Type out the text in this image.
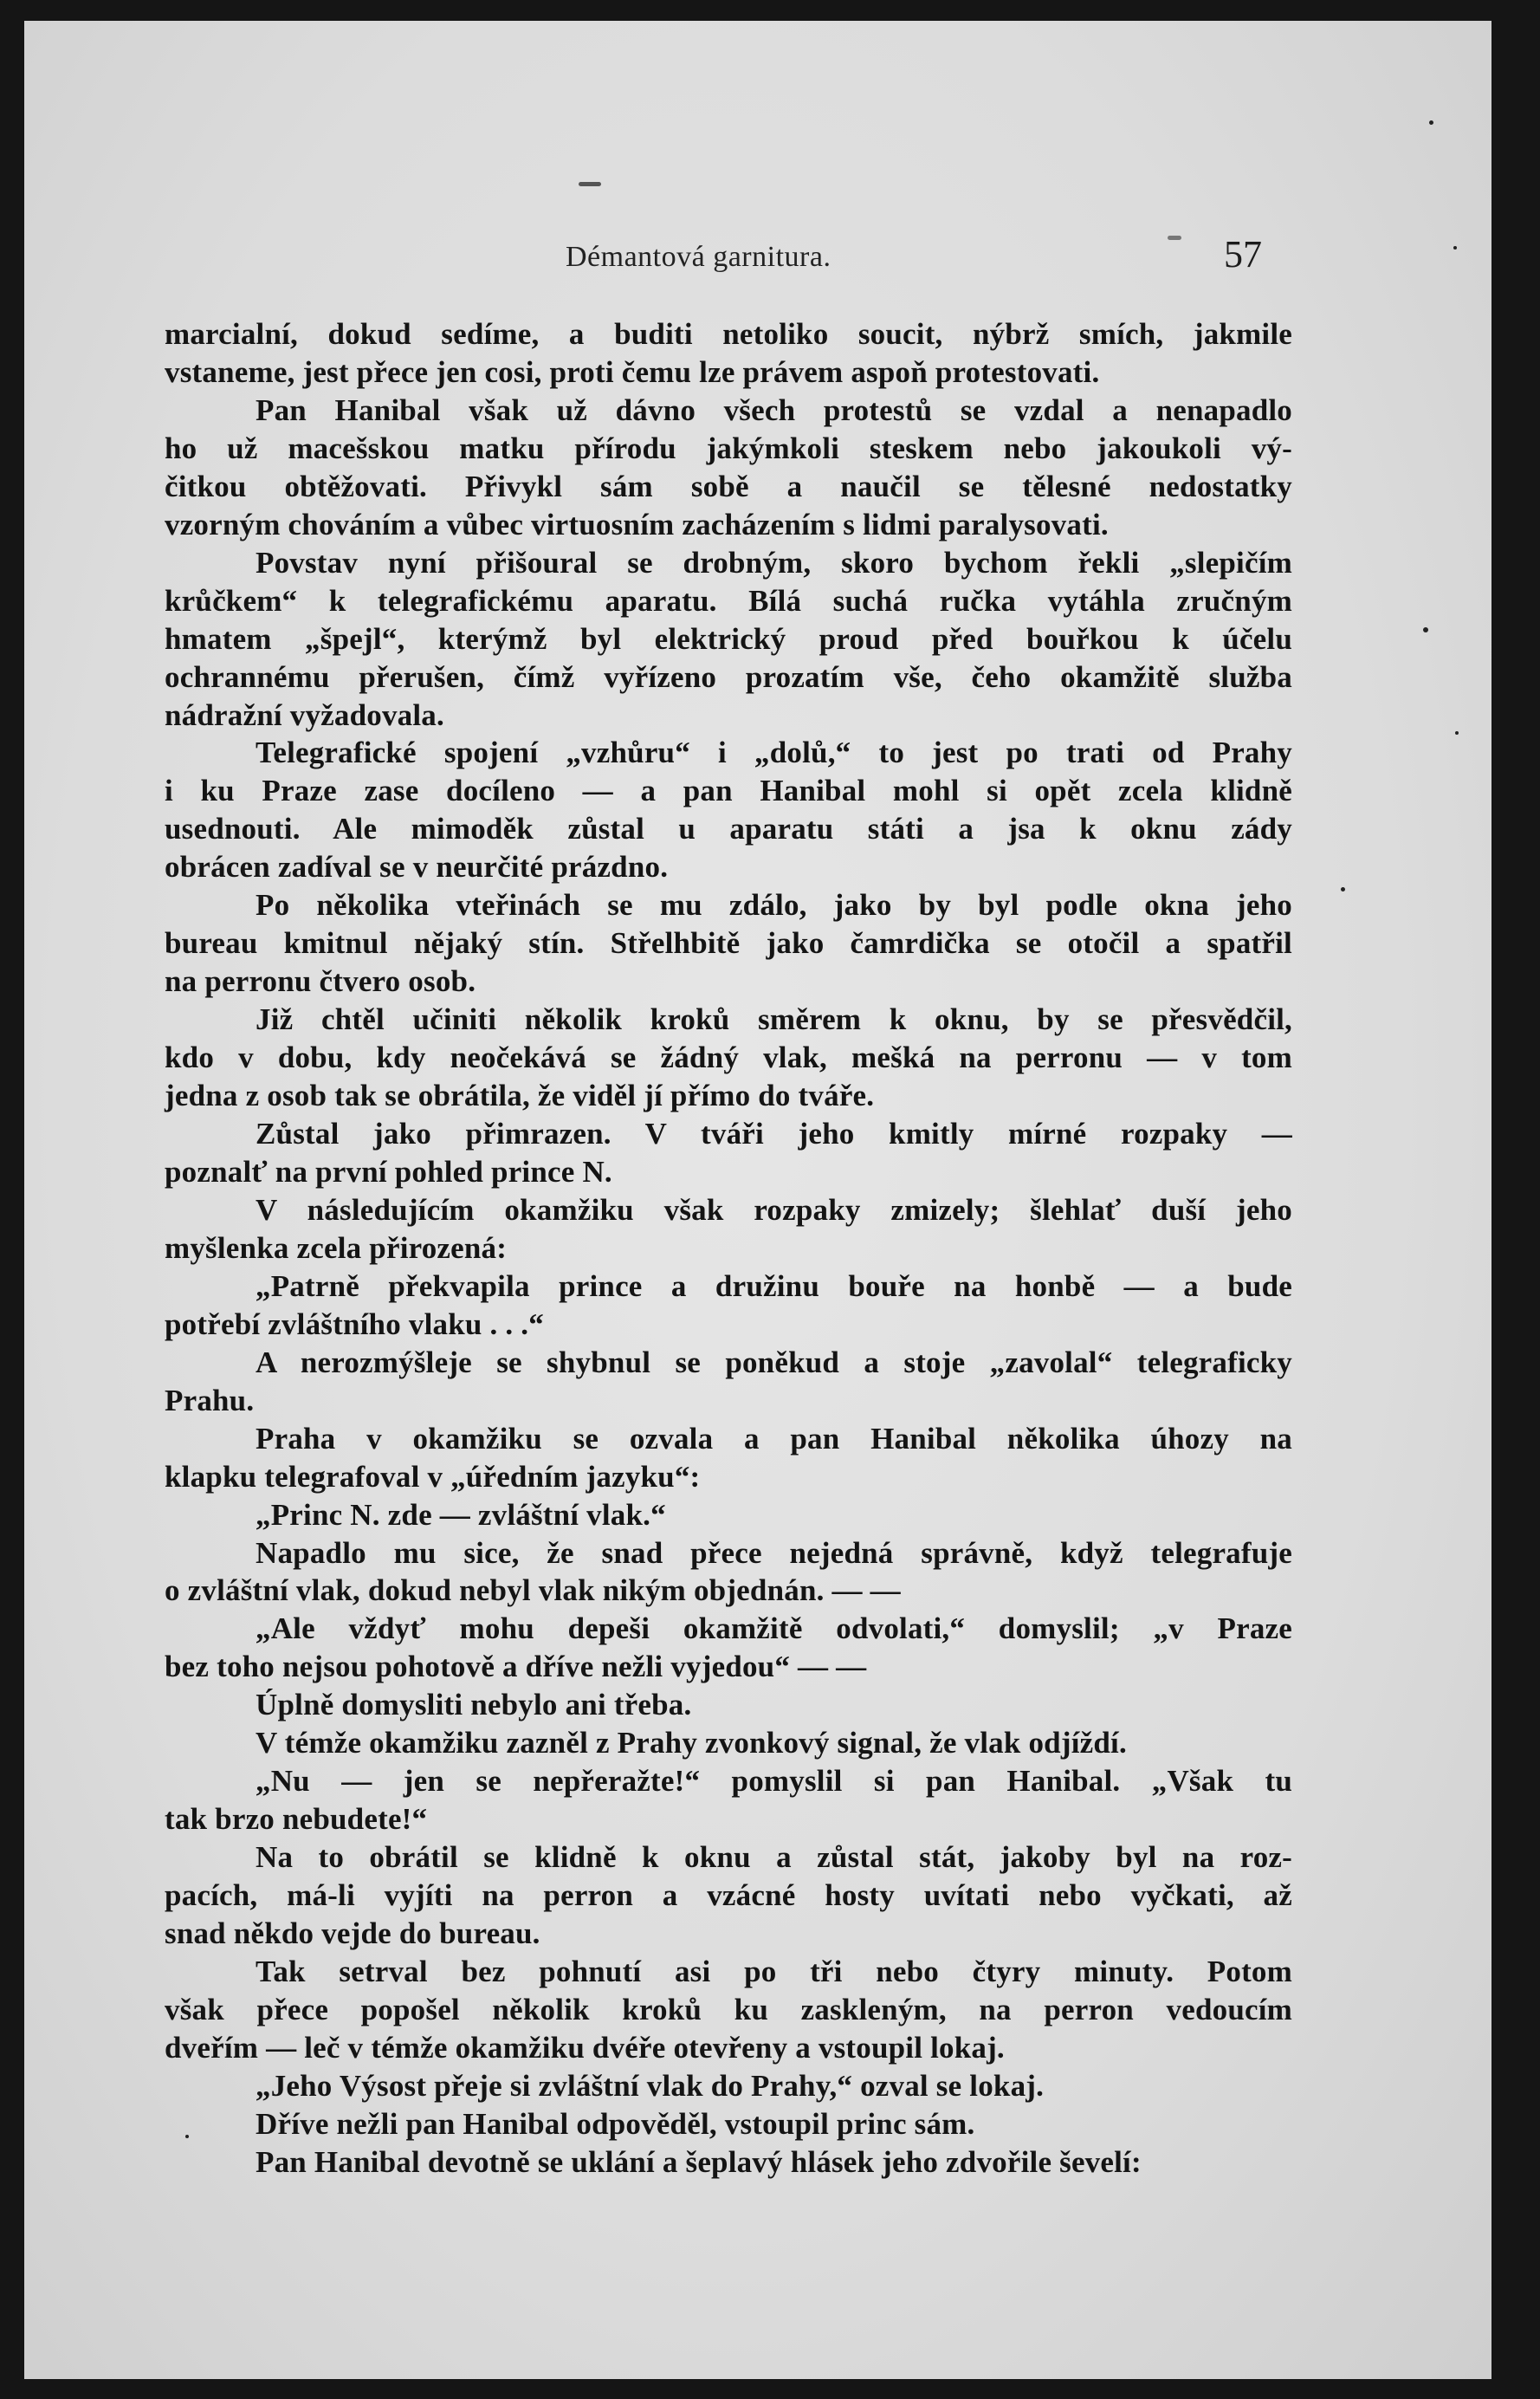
Démantová garnitura.	57
marcialní, dokud sedíme, a buditi netoliko soucit, nýbrž smích, jakmile
vstaneme, jest přece jen cosi, proti čemu lze právem aspoň protestovati.
Pan Hanibal však už dávno všech protestů se vzdal a nenapadlo
ho už macešskou matku přírodu jakýmkoli steskem nebo jakoukoli vý-
čitkou obtěžovati. Přivykl sám sobě a naučil se tělesné nedostatky
vzorným chováním a vůbec virtuosním zacházením s lidmi paralysovati.
Povstav nyní přišoural se drobným, skoro bychom řekli „slepičím
krůčkem“ k telegrafickému aparatu. Bílá suchá ručka vytáhla zručným
hmatem „špejl“, kterýmž byl elektrický proud před bouřkou k účelu
ochrannému přerušen, čímž vyřízeno prozatím vše, čeho okamžitě služba
nádražní vyžadovala.
Telegrafické spojení „vzhůru“ i „dolů,“ to jest po trati od Prahy
i ku Praze zase docíleno — a pan Hanibal mohl si opět zcela klidně
usednouti. Ale mimoděk zůstal u aparatu státi a jsa k oknu zády
obrácen zadíval se v neurčité prázdno.
Po několika vteřinách se mu zdálo, jako by byl podle okna jeho
bureau kmitnul nějaký stín. Střelhbitě jako čamrdička se otočil a spatřil
na perronu čtvero osob.
Již chtěl učiniti několik kroků směrem k oknu, by se přesvědčil,
kdo v dobu, kdy neočekává se žádný vlak, mešká na perronu — v tom
jedna z osob tak se obrátila, že viděl jí přímo do tváře.
Zůstal jako přimrazen. V tváři jeho kmitly mírné rozpaky —
poznalť na první pohled prince N.
V následujícím okamžiku však rozpaky zmizely; šlehlať duší jeho
myšlenka zcela přirozená:
„Patrně překvapila prince a družinu bouře na honbě — a bude
potřebí zvláštního vlaku . . .“
A nerozmýšleje se shybnul se poněkud a stoje „zavolal“ telegraficky
Prahu.
Praha v okamžiku se ozvala a pan Hanibal několika úhozy na
klapku telegrafoval v „úředním jazyku“:
„Princ N. zde — zvláštní vlak.“
Napadlo mu sice, že snad přece nejedná správně, když telegrafuje
o zvláštní vlak, dokud nebyl vlak nikým objednán. — —
„Ale vždyť mohu depeši okamžitě odvolati,“ domyslil; „v Praze
bez toho nejsou pohotově a dříve nežli vyjedou“ — —
Úplně domysliti nebylo ani třeba.
V témže okamžiku zazněl z Prahy zvonkový signal, že vlak odjíždí.
„Nu — jen se nepřeražte!“ pomyslil si pan Hanibal. „Však tu
tak brzo nebudete!“
Na to obrátil se klidně k oknu a zůstal stát, jakoby byl na roz-
pacích, má-li vyjíti na perron a vzácné hosty uvítati nebo vyčkati, až
snad někdo vejde do bureau.
Tak setrval bez pohnutí asi po tři nebo čtyry minuty. Potom
však přece popošel několik kroků ku zaskleným, na perron vedoucím
dveřím — leč v témže okamžiku dvéře otevřeny a vstoupil lokaj.
„Jeho Výsost přeje si zvláštní vlak do Prahy,“ ozval se lokaj.
Dříve nežli pan Hanibal odpověděl, vstoupil princ sám.
Pan Hanibal devotně se uklání a šeplavý hlásek jeho zdvořile ševelí:
